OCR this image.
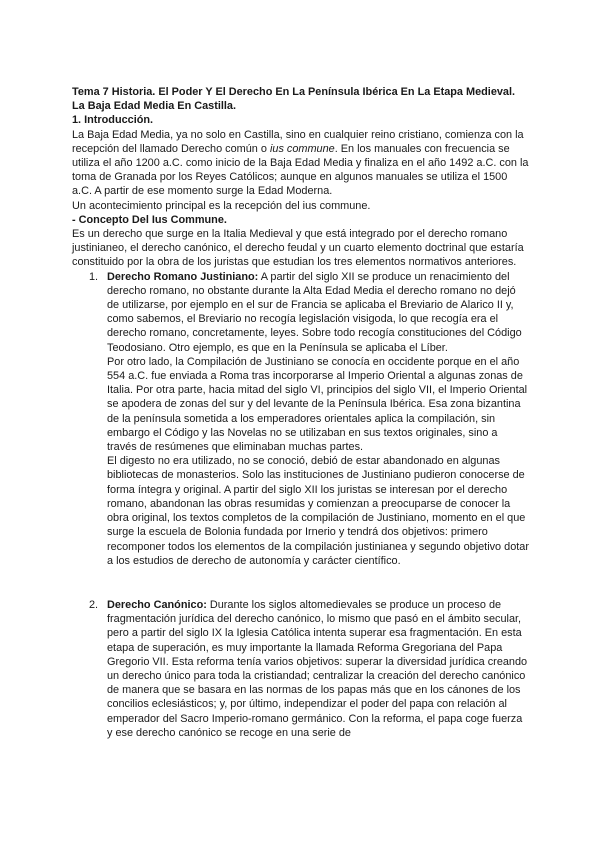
Tema 7 Historia. El Poder Y El Derecho En La Península Ibérica En La Etapa Medieval. La Baja Edad Media En Castilla.

1. Introducción.

La Baja Edad Media, ya no solo en Castilla, sino en cualquier reino cristiano, comienza con la recepción del llamado Derecho común o ius commune. En los manuales con frecuencia se utiliza el año 1200 a.C. como inicio de la Baja Edad Media y finaliza en el año 1492 a.C. con la toma de Granada por los Reyes Católicos; aunque en algunos manuales se utiliza el 1500 a.C. A partir de ese momento surge la Edad Moderna.

Un acontecimiento principal es la recepción del ius commune.

- Concepto Del Ius Commune.

Es un derecho que surge en la Italia Medieval y que está integrado por el derecho romano justinianeo, el derecho canónico, el derecho feudal y un cuarto elemento doctrinal que estaría constituido por la obra de los juristas que estudian los tres elementos normativos anteriores.

1. Derecho Romano Justiniano: A partir del siglo XII se produce un renacimiento del derecho romano, no obstante durante la Alta Edad Media el derecho romano no dejó de utilizarse, por ejemplo en el sur de Francia se aplicaba el Breviario de Alarico II y, como sabemos, el Breviario no recogía legislación visigoda, lo que recogía era el derecho romano, concretamente, leyes. Sobre todo recogía constituciones del Código Teodosiano. Otro ejemplo, es que en la Península se aplicaba el Líber.

Por otro lado, la Compilación de Justiniano se conocía en occidente porque en el año 554 a.C. fue enviada a Roma tras incorporarse al Imperio Oriental a algunas zonas de Italia. Por otra parte, hacia mitad del siglo VI, principios del siglo VII, el Imperio Oriental se apodera de zonas del sur y del levante de la Península Ibérica. Esa zona bizantina de la península sometida a los emperadores orientales aplica la compilación, sin embargo el Código y las Novelas no se utilizaban en sus textos originales, sino a través de resúmenes que eliminaban muchas partes.

El digesto no era utilizado, no se conoció, debió de estar abandonado en algunas bibliotecas de monasterios. Solo las instituciones de Justiniano pudieron conocerse de forma íntegra y original. A partir del siglo XII los juristas se interesan por el derecho romano, abandonan las obras resumidas y comienzan a preocuparse de conocer la obra original, los textos completos de la compilación de Justiniano, momento en el que surge la escuela de Bolonia fundada por Irnerio y tendrá dos objetivos: primero recomponer todos los elementos de la compilación justinianea y segundo objetivo dotar a los estudios de derecho de autonomía y carácter científico.

2. Derecho Canónico: Durante los siglos altomedievales se produce un proceso de fragmentación jurídica del derecho canónico, lo mismo que pasó en el ámbito secular, pero a partir del siglo IX la Iglesia Católica intenta superar esa fragmentación. En esta etapa de superación, es muy importante la llamada Reforma Gregoriana del Papa Gregorio VII. Esta reforma tenía varios objetivos: superar la diversidad jurídica creando un derecho único para toda la cristiandad; centralizar la creación del derecho canónico de manera que se basara en las normas de los papas más que en los cánones de los concilios eclesiásticos; y, por último, independizar el poder del papa con relación al emperador del Sacro Imperio-romano germánico. Con la reforma, el papa coge fuerza y ese derecho canónico se recoge en una serie de
